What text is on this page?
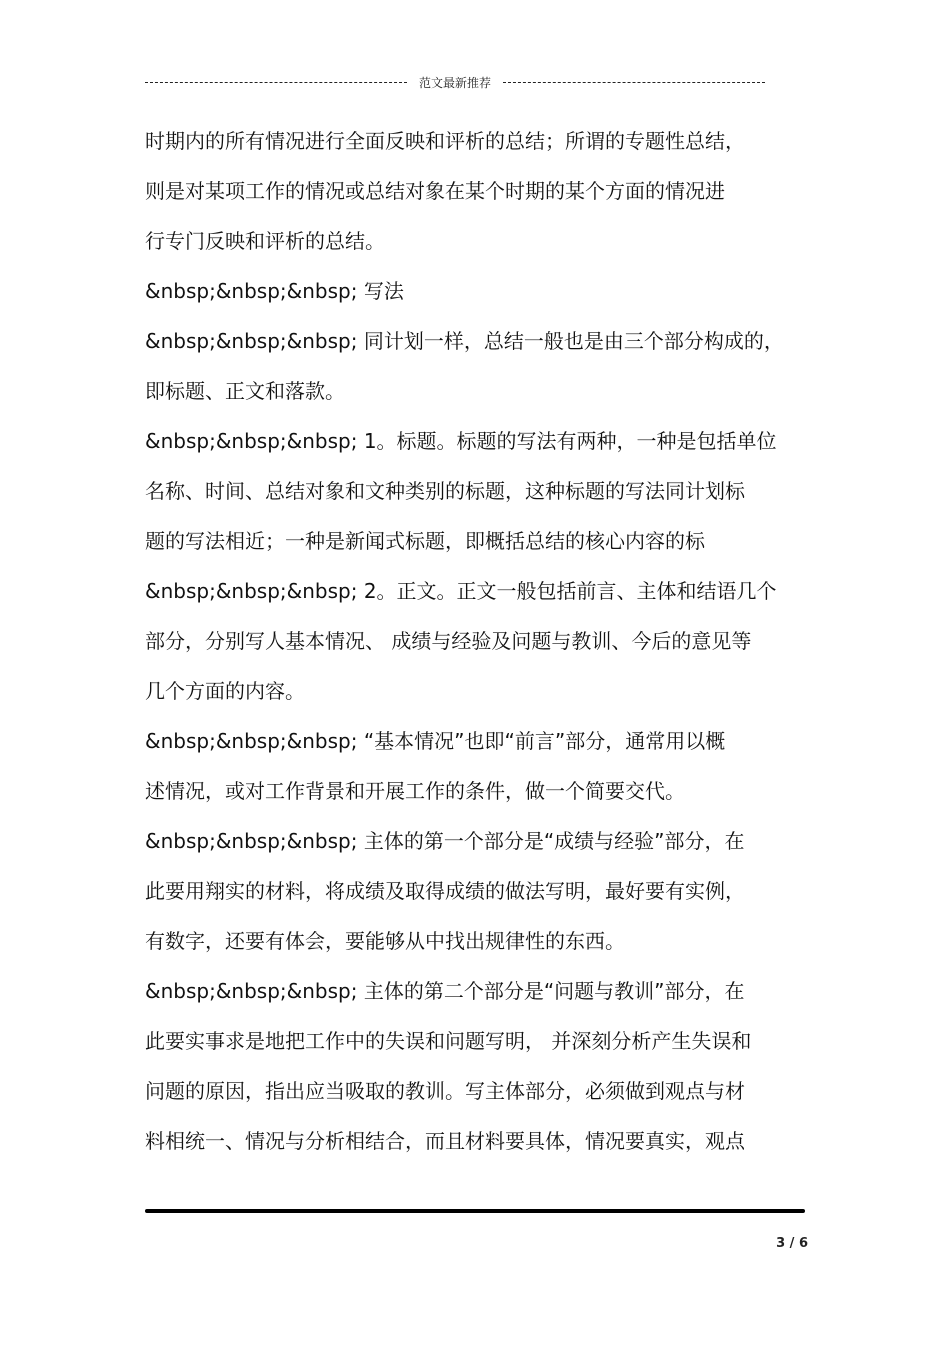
范文最新推荐
时期内的所有情况进行全面反映和评析的总结；所谓的专题性总结，
则是对某项工作的情况或总结对象在某个时期的某个方面的情况进
行专门反映和评析的总结。
&nbsp;&nbsp;&nbsp; 写法
&nbsp;&nbsp;&nbsp; 同计划一样，总结一般也是由三个部分构成的，
即标题、正文和落款。
&nbsp;&nbsp;&nbsp; 1。标题。标题的写法有两种，一种是包括单位
名称、时间、总结对象和文种类别的标题，这种标题的写法同计划标
题的写法相近；一种是新闻式标题，即概括总结的核心内容的标
&nbsp;&nbsp;&nbsp; 2。正文。正文一般包括前言、主体和结语几个
部分，分别写人基本情况、 成绩与经验及问题与教训、今后的意见等
几个方面的内容。
&nbsp;&nbsp;&nbsp; “基本情况”也即“前言”部分，通常用以概
述情况，或对工作背景和开展工作的条件，做一个简要交代。
&nbsp;&nbsp;&nbsp; 主体的第一个部分是“成绩与经验”部分，在
此要用翔实的材料，将成绩及取得成绩的做法写明，最好要有实例，
有数字，还要有体会，要能够从中找出规律性的东西。
&nbsp;&nbsp;&nbsp; 主体的第二个部分是“问题与教训”部分，在
此要实事求是地把工作中的失误和问题写明， 并深刻分析产生失误和
问题的原因，指出应当吸取的教训。写主体部分，必须做到观点与材
料相统一、情况与分析相结合，而且材料要具体，情况要真实，观点
3 / 6
